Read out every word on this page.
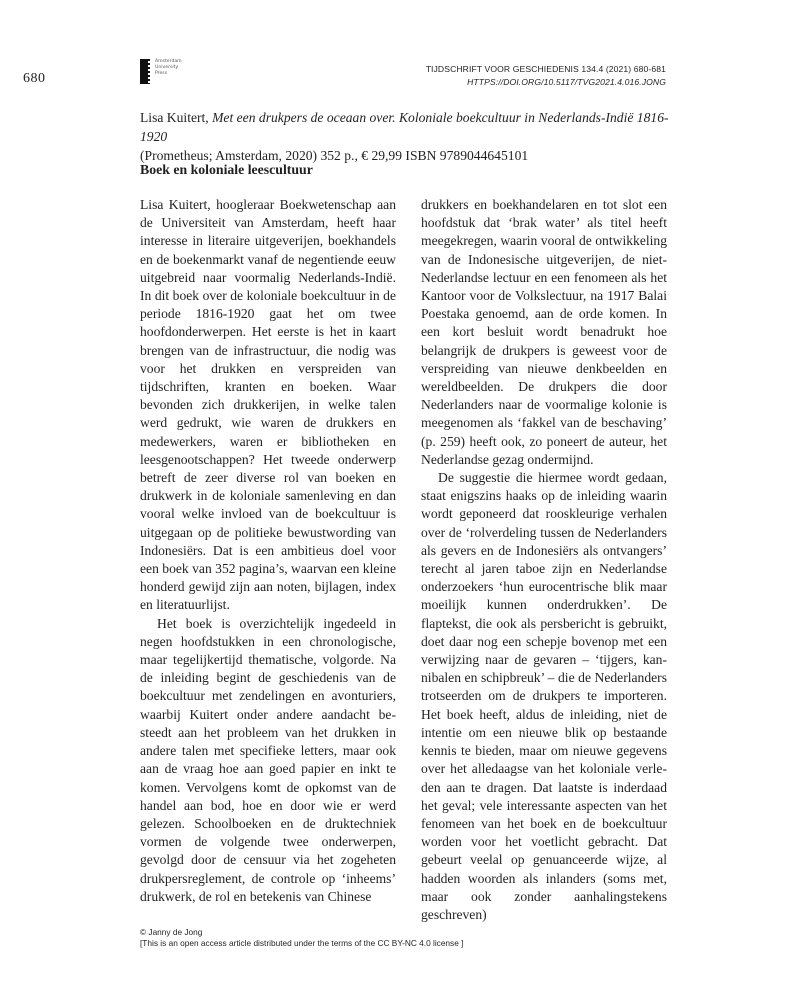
680
Amsterdam
University
Press	TIJDSCHRIFT VOOR GESCHIEDENIS 134.4 (2021) 680-681
HTTPS://DOI.ORG/10.5117/TVG2021.4.016.JONG
Lisa Kuitert, Met een drukpers de oceaan over. Koloniale boekcultuur in Nederlands-Indië 1816-1920
(Prometheus; Amsterdam, 2020) 352 p., € 29,99 ISBN 9789044645101
Boek en koloniale leescultuur

Lisa Kuitert, hoogleraar Boekwetenschap aan de Universiteit van Amsterdam, heeft haar interesse in literaire uitgeverijen, boekhandels en de boekenmarkt vanaf de negentiende eeuw uitgebreid naar voormalig Nederlands-Indië. In dit boek over de koloniale boekcultuur in de periode 1816-1920 gaat het om twee hoofdonderwerpen. Het eerste is het in kaart brengen van de infrastructuur, die nodig was voor het drukken en verspreiden van tijdschriften, kranten en boeken. Waar bevonden zich drukkerijen, in welke talen werd gedrukt, wie waren de drukkers en medewerkers, waren er bibliotheken en leesgenootschappen? Het tweede onderwerp betreft de zeer diverse rol van boeken en drukwerk in de koloniale samenleving en dan vooral welke invloed van de boekcultuur is uitgegaan op de politieke bewustwording van Indonesiërs. Dat is een ambitieus doel voor een boek van 352 pagina’s, waarvan een kleine honderd gewijd zijn aan noten, bijlagen, index en literatuurlijst.

Het boek is overzichtelijk ingedeeld in negen hoofdstukken in een chronologische, maar tegelijkertijd thematische, volgorde. Na de inleiding begint de geschiedenis van de boekcultuur met zendelingen en avonturiers, waarbij Kuitert onder andere aandacht besteedt aan het probleem van het drukken in andere talen met specifieke letters, maar ook aan de vraag hoe aan goed papier en inkt te komen. Vervolgens komt de opkomst van de handel aan bod, hoe en door wie er werd gelezen. Schoolboeken en de druktechniek vormen de volgende twee onderwerpen, gevolgd door de censuur via het zogeheten drukpersreglement, de controle op ‘inheems’ drukwerk, de rol en betekenis van Chinese

drukkers en boekhandelaren en tot slot een hoofdstuk dat ‘brak water’ als titel heeft meegekregen, waarin vooral de ontwikkeling van de Indonesische uitgeverijen, de niet-Nederlandse lectuur en een fenomeen als het Kantoor voor de Volkslectuur, na 1917 Balai Poestaka genoemd, aan de orde komen. In een kort besluit wordt benadrukt hoe belangrijk de drukpers is geweest voor de verspreiding van nieuwe denkbeelden en wereldbeelden. De drukpers die door Nederlanders naar de voormalige kolonie is meegenomen als ‘fakkel van de beschaving’ (p. 259) heeft ook, zo poneert de auteur, het Nederlandse gezag ondermijnd.

De suggestie die hiermee wordt gedaan, staat enigszins haaks op de inleiding waarin wordt geponeerd dat rooskleurige verhalen over de ‘rolverdeling tussen de Nederlanders als gevers en de Indonesiërs als ontvangers’ terecht al jaren taboe zijn en Nederlandse onderzoekers ‘hun eurocentrische blik maar moeilijk kunnen onderdrukken’. De flaptekst, die ook als persbericht is gebruikt, doet daar nog een schepje bovenop met een verwijzing naar de gevaren – ‘tijgers, kannibalen en schipbreuk’ – die de Nederlanders trotseerden om de drukpers te importeren. Het boek heeft, aldus de inleiding, niet de intentie om een nieuwe blik op bestaande kennis te bieden, maar om nieuwe gegevens over het alledaagse van het koloniale verleden aan te dragen. Dat laatste is inderdaad het geval; vele interessante aspecten van het fenomeen van het boek en de boekcultuur worden voor het voetlicht gebracht. Dat gebeurt veelal op genuanceerde wijze, al hadden woorden als inlanders (soms met, maar ook zonder aanhalingstekens geschreven)

© Janny de Jong
[This is an open access article distributed under the terms of the CC BY-NC 4.0 license ]
